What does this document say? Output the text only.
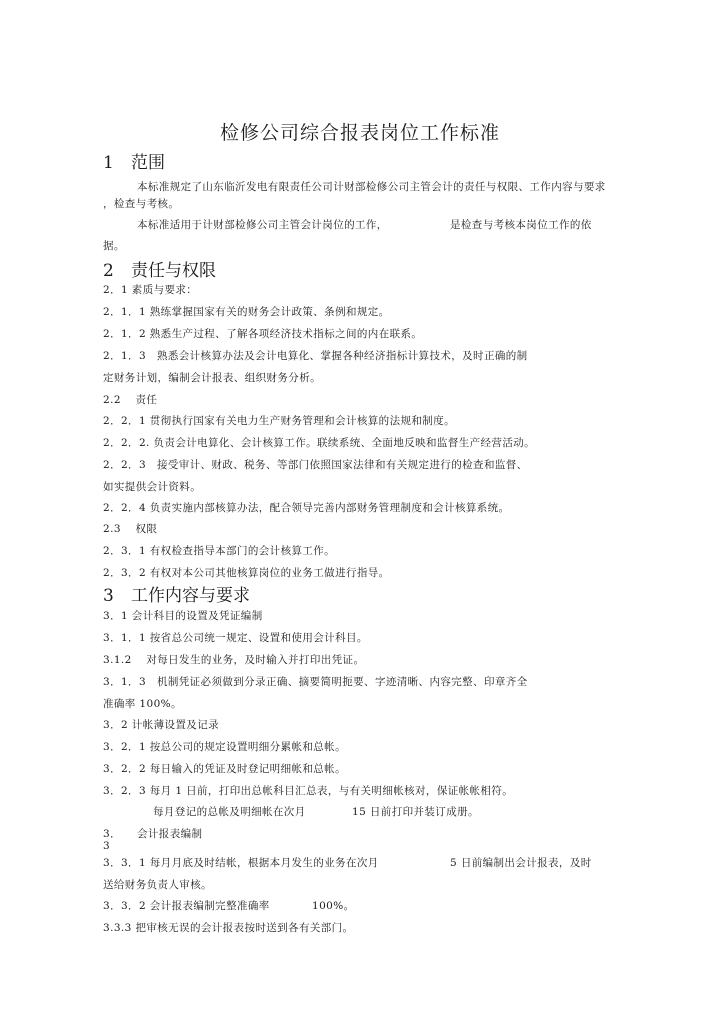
检修公司综合报表岗位工作标准
1 范围
2 责任与权限
3 工作内容与要求
本标准规定了山东临沂发电有限责任公司计财部检修公司主管会计的责任与权限、工作内容与要求
，检查与考核。
本标准适用于计财部检修公司主管会计岗位的工作，	是检查与考核本岗位工作的依
据。
2．1 素质与要求：
2．1．1 熟练掌握国家有关的财务会计政策、条例和规定。
2．1．2 熟悉生产过程、了解各项经济技术指标之间的内在联系。
2．1．3　熟悉会计核算办法及会计电算化、掌握各种经济指标计算技术，及时正确的制
定财务计划，编制会计报表、组织财务分析。
2.2　 责任
2．2．1 贯彻执行国家有关电力生产财务管理和会计核算的法规和制度。
2．2．2. 负责会计电算化、会计核算工作。联续系统、全面地反映和监督生产经营活动。
2．2．3　接受审计、财政、税务、等部门依照国家法律和有关规定进行的检查和监督、
如实提供会计资料。
2．2．4 负责实施内部核算办法，配合领导完善内部财务管理制度和会计核算系统。
2.3　 权限
2．3．1 有权检查指导本部门的会计核算工作。
2．3．2 有权对本公司其他核算岗位的业务工做进行指导。
3．1 会计科目的设置及凭证编制
3．1．1 按省总公司统一规定、设置和使用会计科目。
3.1.2　 对每日发生的业务，及时输入并打印出凭证。
3．1．3　机制凭证必须做到分录正确、摘要简明扼要、字迹清晰、内容完整、印章齐全
准确率 100%。
3．2 计帐薄设置及记录
3．2．1 按总公司的规定设置明细分累帐和总帐。
3．2．2 每日输入的凭证及时登记明细帐和总帐。
3．2．3 每月 1 日前，打印出总帐科目汇总表，与有关明细帐核对，保证帐帐相符。
每月登记的总帐及明细帐在次月	15 日前打印并装订成册。
3． 会计报表编制
3
3．3．1 每月月底及时结帐，根据本月发生的业务在次月	5 日前编制出会计报表，及时
送给财务负责人审核。
3．3．2 会计报表编制完整准确率	100%。
3.3.3 把审核无误的会计报表按时送到各有关部门。
